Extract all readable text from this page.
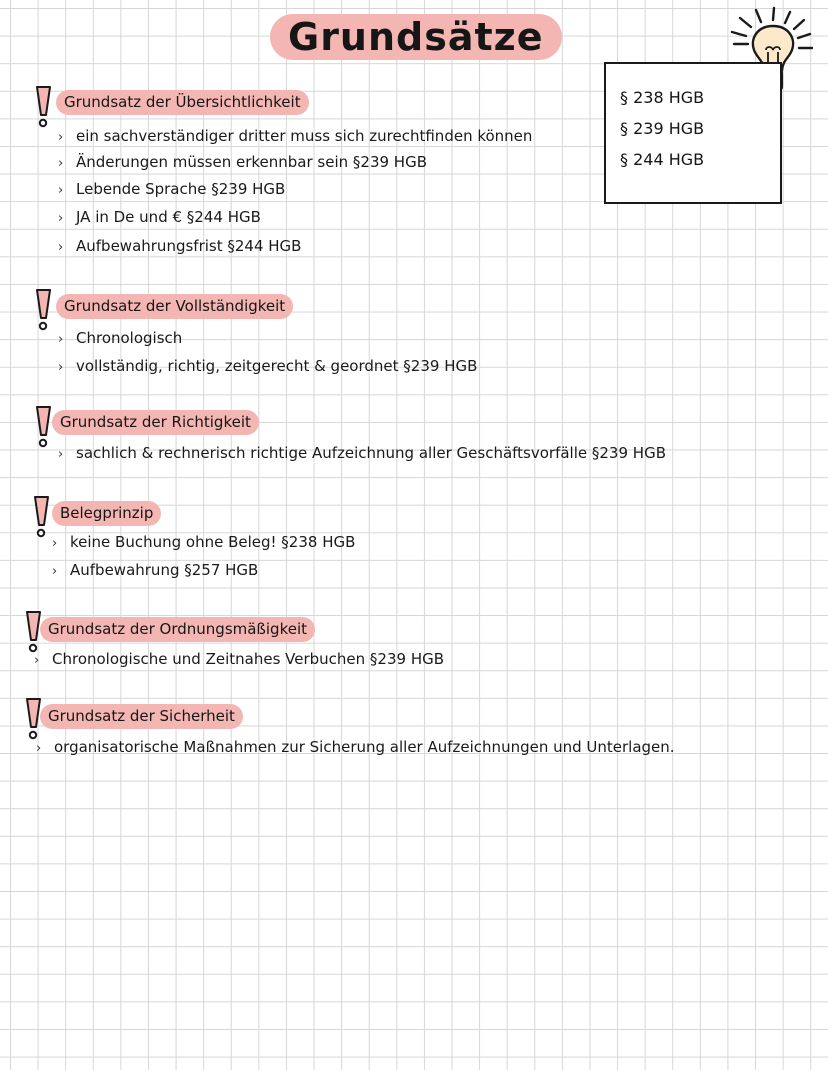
Grundsätze
§ 238 HGB
§ 239 HGB
§ 244 HGB
Grundsatz der Übersichtlichkeit
› ein sachverständiger dritter muss sich zurechtfinden können
› Änderungen müssen erkennbar sein §239 HGB
› Lebende Sprache §239 HGB
› JA in De und € §244 HGB
› Aufbewahrungsfrist §244 HGB
Grundsatz der Vollständigkeit
› Chronologisch
› vollständig, richtig, zeitgerecht & geordnet §239 HGB
Grundsatz der Richtigkeit
› sachlich & rechnerisch richtige Aufzeichnung aller Geschäftsvorfälle §239 HGB
Belegprinzip
› keine Buchung ohne Beleg! §238 HGB
› Aufbewahrung §257 HGB
Grundsatz der Ordnungsmäßigkeit
› Chronologische und Zeitnahes Verbuchen §239 HGB
Grundsatz der Sicherheit
› organisatorische Maßnahmen zur Sicherung aller Aufzeichnungen und Unterlagen.
